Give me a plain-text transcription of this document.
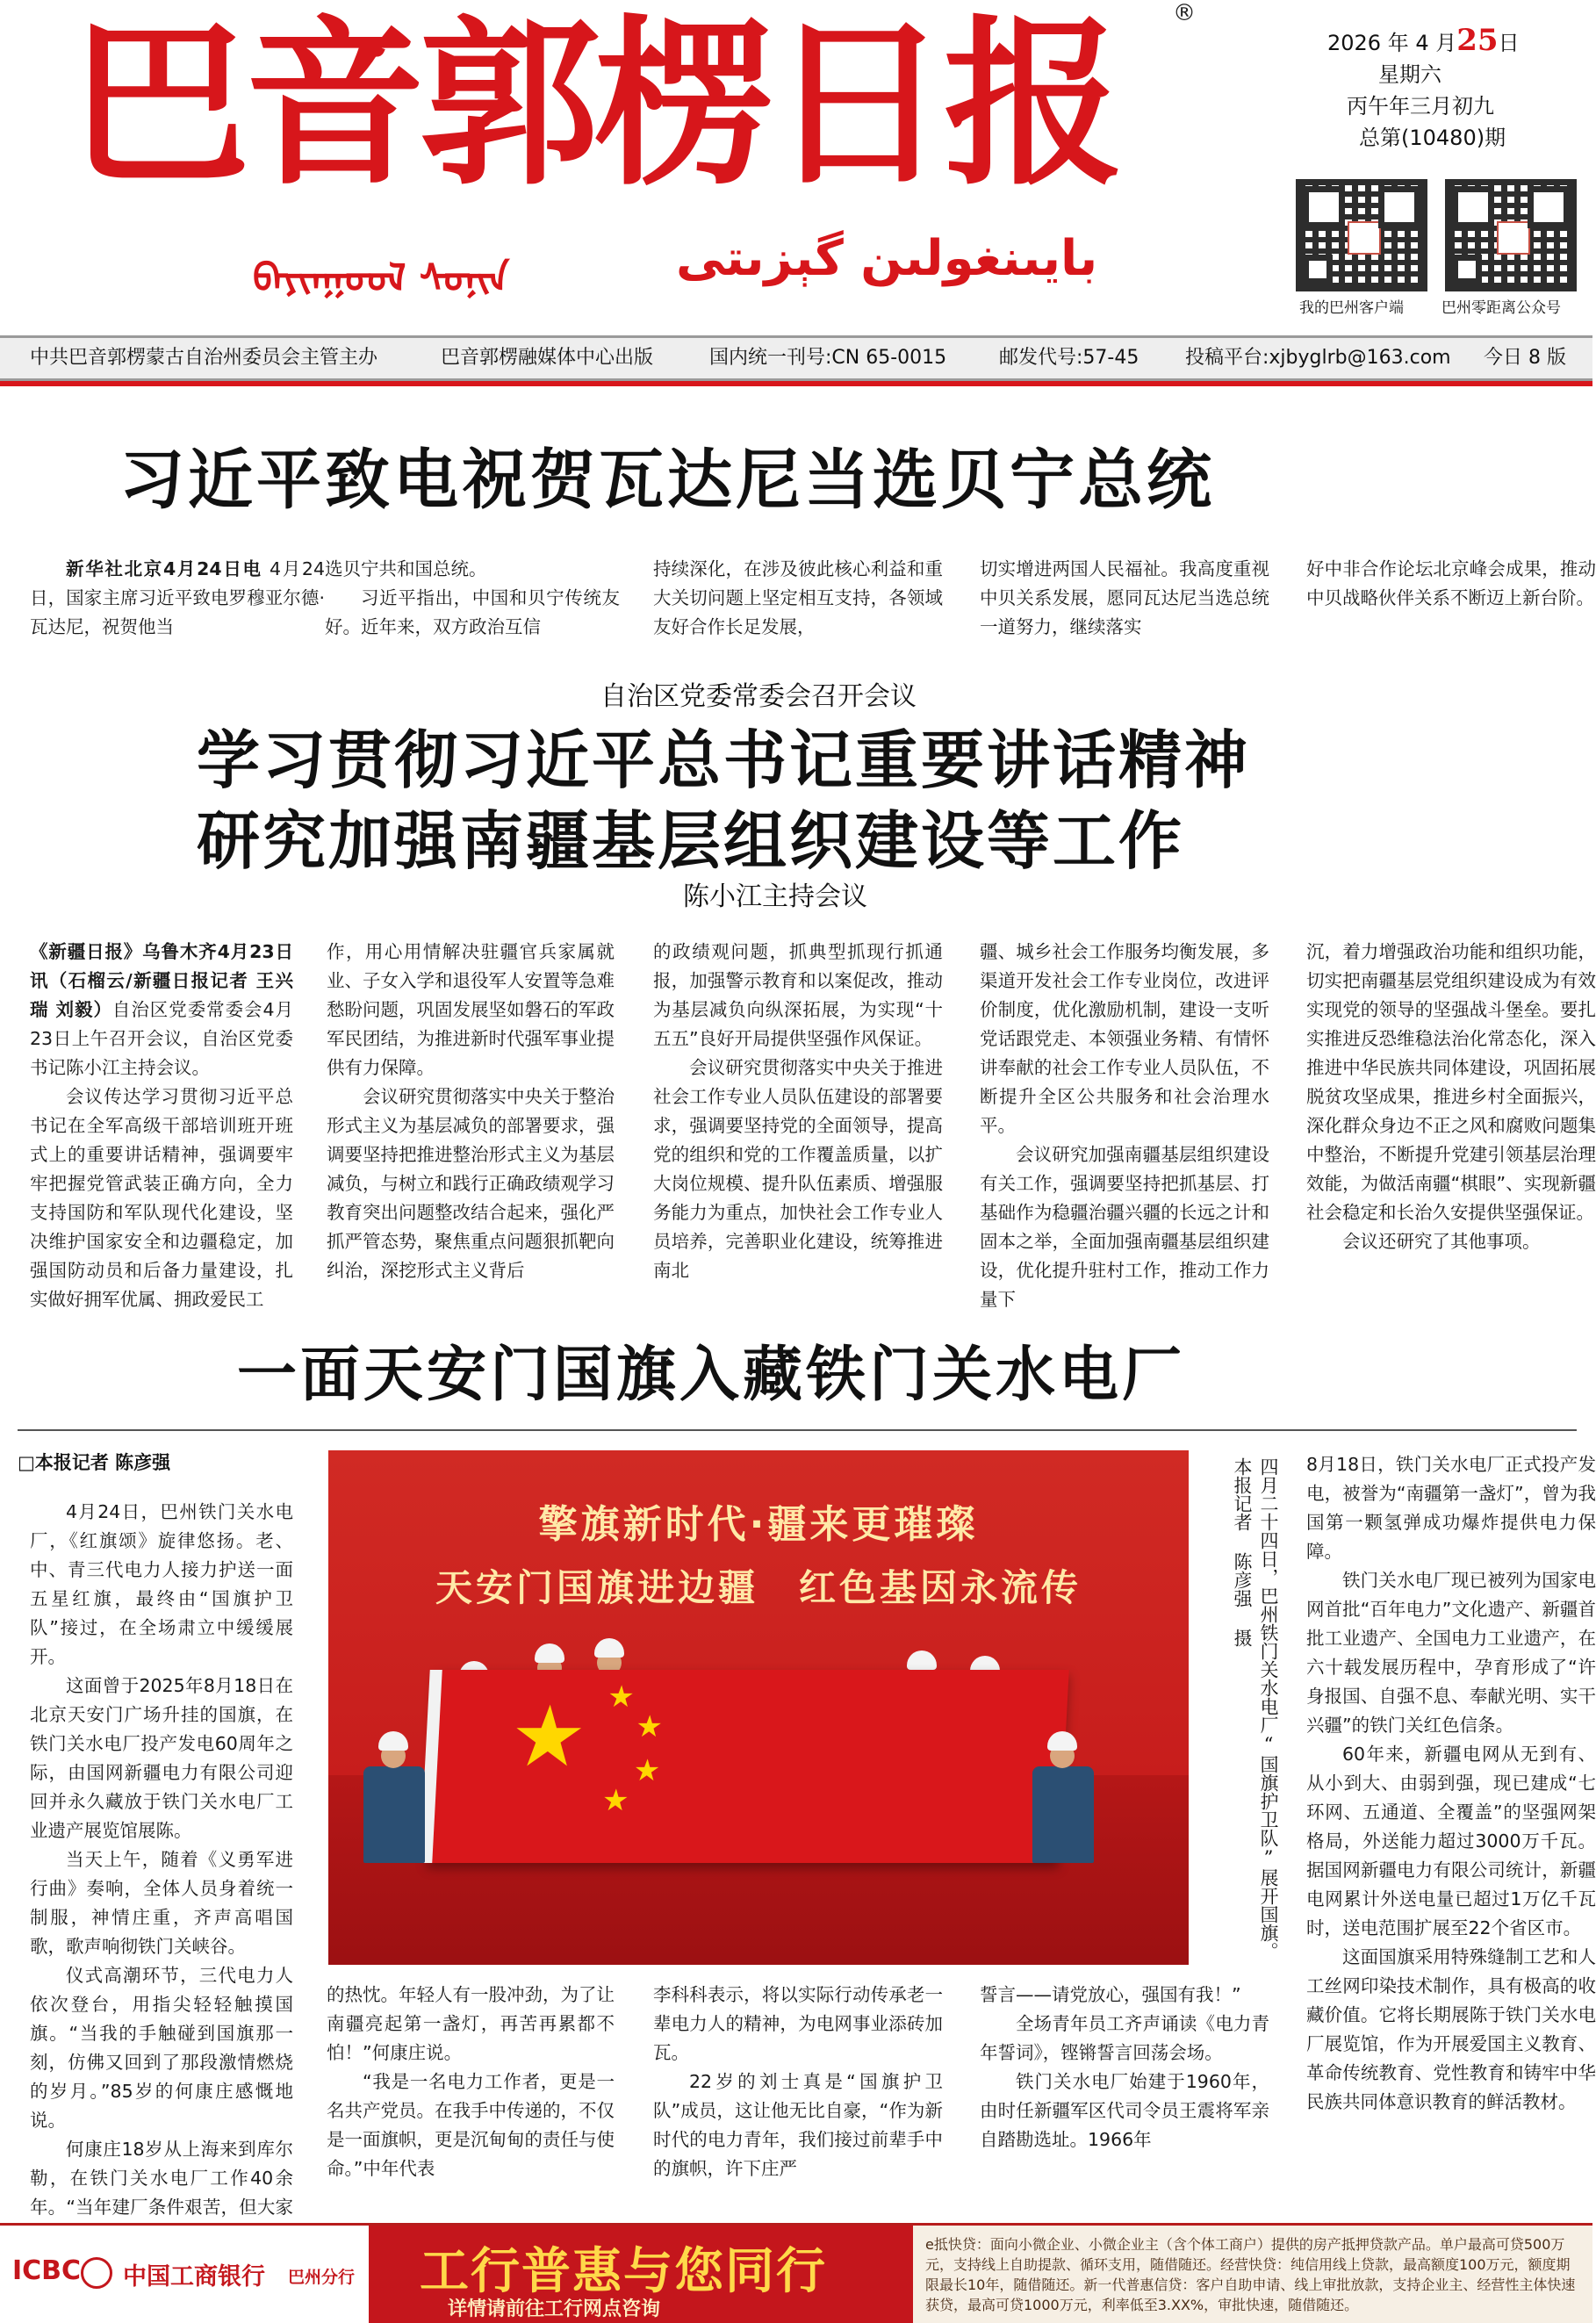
巴音郭楞日报 ®
ᠪᠠᠶᠢᠨᠭᠣᠤᠯ ᠰᠣᠨᠢᠨ	بايىنغولىن گېزىتى
2026 年 4 月25日
星期六
丙午年三月初九
总第(10480)期
我的巴州客户端	巴州零距离公众号
中共巴音郭楞蒙古自治州委员会主管主办	巴音郭楞融媒体中心出版	国内统一刊号:CN 65-0015	邮发代号:57-45 投稿平台:xjbyglrb@163.com 今日 8 版
习近平致电祝贺瓦达尼当选贝宁总统

新华社北京4月24日电 4月24日，国家主席习近平致电罗穆亚尔德·瓦达尼，祝贺他当

选贝宁共和国总统。

习近平指出，中国和贝宁传统友好。近年来，双方政治互信

持续深化，在涉及彼此核心利益和重大关切问题上坚定相互支持，各领域友好合作长足发展，

切实增进两国人民福祉。我高度重视中贝关系发展，愿同瓦达尼当选总统一道努力，继续落实

好中非合作论坛北京峰会成果，推动中贝战略伙伴关系不断迈上新台阶。

自治区党委常委会召开会议
学习贯彻习近平总书记重要讲话精神
研究加强南疆基层组织建设等工作
陈小江主持会议

《新疆日报》乌鲁木齐4月23日讯（石榴云/新疆日报记者 王兴瑞 刘毅）自治区党委常委会4月23日上午召开会议，自治区党委书记陈小江主持会议。

会议传达学习贯彻习近平总书记在全军高级干部培训班开班式上的重要讲话精神，强调要牢牢把握党管武装正确方向，全力支持国防和军队现代化建设，坚决维护国家安全和边疆稳定，加强国防动员和后备力量建设，扎实做好拥军优属、拥政爱民工

作，用心用情解决驻疆官兵家属就业、子女入学和退役军人安置等急难愁盼问题，巩固发展坚如磐石的军政军民团结，为推进新时代强军事业提供有力保障。

会议研究贯彻落实中央关于整治形式主义为基层减负的部署要求，强调要坚持把推进整治形式主义为基层减负，与树立和践行正确政绩观学习教育突出问题整改结合起来，强化严抓严管态势，聚焦重点问题狠抓靶向纠治，深挖形式主义背后

的政绩观问题，抓典型抓现行抓通报，加强警示教育和以案促改，推动为基层减负向纵深拓展，为实现“十五五”良好开局提供坚强作风保证。

会议研究贯彻落实中央关于推进社会工作专业人员队伍建设的部署要求，强调要坚持党的全面领导，提高党的组织和党的工作覆盖质量，以扩大岗位规模、提升队伍素质、增强服务能力为重点，加快社会工作专业人员培养，完善职业化建设，统筹推进南北

疆、城乡社会工作服务均衡发展，多渠道开发社会工作专业岗位，改进评价制度，优化激励机制，建设一支听党话跟党走、本领强业务精、有情怀讲奉献的社会工作专业人员队伍，不断提升全区公共服务和社会治理水平。

会议研究加强南疆基层组织建设有关工作，强调要坚持把抓基层、打基础作为稳疆治疆兴疆的长远之计和固本之举，全面加强南疆基层组织建设，优化提升驻村工作，推动工作力量下

沉，着力增强政治功能和组织功能，切实把南疆基层党组织建设成为有效实现党的领导的坚强战斗堡垒。要扎实推进反恐维稳法治化常态化，深入推进中华民族共同体建设，巩固拓展脱贫攻坚成果，推进乡村全面振兴，深化群众身边不正之风和腐败问题集中整治，不断提升党建引领基层治理效能，为做活南疆“棋眼”、实现新疆社会稳定和长治久安提供坚强保证。

会议还研究了其他事项。

一面天安门国旗入藏铁门关水电厂
□本报记者 陈彦强

4月24日，巴州铁门关水电厂，《红旗颂》旋律悠扬。老、中、青三代电力人接力护送一面五星红旗，最终由“国旗护卫队”接过，在全场肃立中缓缓展开。

这面曾于2025年8月18日在北京天安门广场升挂的国旗，在铁门关水电厂投产发电60周年之际，由国网新疆电力有限公司迎回并永久藏放于铁门关水电厂工业遗产展览馆展陈。

当天上午，随着《义勇军进行曲》奏响，全体人员身着统一制服，神情庄重，齐声高唱国歌，歌声响彻铁门关峡谷。

仪式高潮环节，三代电力人依次登台，用指尖轻轻触摸国旗。“当我的手触碰到国旗那一刻，仿佛又回到了那段激情燃烧的岁月。”85岁的何康庄感慨地说。

何康庄18岁从上海来到库尔勒，在铁门关水电厂工作40余年。“当年建厂条件艰苦，但大家

擎旗新时代·疆来更璀璨
天安门国旗进边疆　红色基因永流传
★ ★
★
★
★	四月二十四日，巴州铁门关水电厂“国旗护卫队”展开国旗。　本报记者 陈彦强 摄

的热忱。年轻人有一股冲劲，为了让南疆亮起第一盏灯，再苦再累都不怕！”何康庄说。

“我是一名电力工作者，更是一名共产党员。在我手中传递的，不仅是一面旗帜，更是沉甸甸的责任与使命。”中年代表

李科科表示，将以实际行动传承老一辈电力人的精神，为电网事业添砖加瓦。

22岁的刘士真是“国旗护卫队”成员，这让他无比自豪，“作为新时代的电力青年，我们接过前辈手中的旗帜，许下庄严

誓言——请党放心，强国有我！”

全场青年员工齐声诵读《电力青年誓词》，铿锵誓言回荡会场。

铁门关水电厂始建于1960年，由时任新疆军区代司令员王震将军亲自踏勘选址。1966年

8月18日，铁门关水电厂正式投产发电，被誉为“南疆第一盏灯”，曾为我国第一颗氢弹成功爆炸提供电力保障。

铁门关水电厂现已被列为国家电网首批“百年电力”文化遗产、新疆首批工业遗产、全国电力工业遗产，在六十载发展历程中，孕育形成了“许身报国、自强不息、奉献光明、实干兴疆”的铁门关红色信条。

60年来，新疆电网从无到有、从小到大、由弱到强，现已建成“七环网、五通道、全覆盖”的坚强网架格局，外送能力超过3000万千瓦。据国网新疆电力有限公司统计，新疆电网累计外送电量已超过1万亿千瓦时，送电范围扩展至22个省区市。

这面国旗采用特殊缝制工艺和人工丝网印染技术制作，具有极高的收藏价值。它将长期展陈于铁门关水电厂展览馆，作为开展爱国主义教育、革命传统教育、党性教育和铸牢中华民族共同体意识教育的鲜活教材。

ICBC 中国工商银行 巴州分行 工行普惠与您同行
详情请前往工行网点咨询
e抵快贷：面向小微企业、小微企业主（含个体工商户）提供的房产抵押贷款产品。单户最高可贷500万元，支持线上自助提款、循环支用，随借随还。经营快贷：纯信用线上贷款，最高额度100万元，额度期限最长10年，随借随还。新一代普惠信贷：客户自助申请、线上审批放款，支持企业主、经营性主体快速获贷，最高可贷1000万元，利率低至3.XX%，审批快速，随借随还。
